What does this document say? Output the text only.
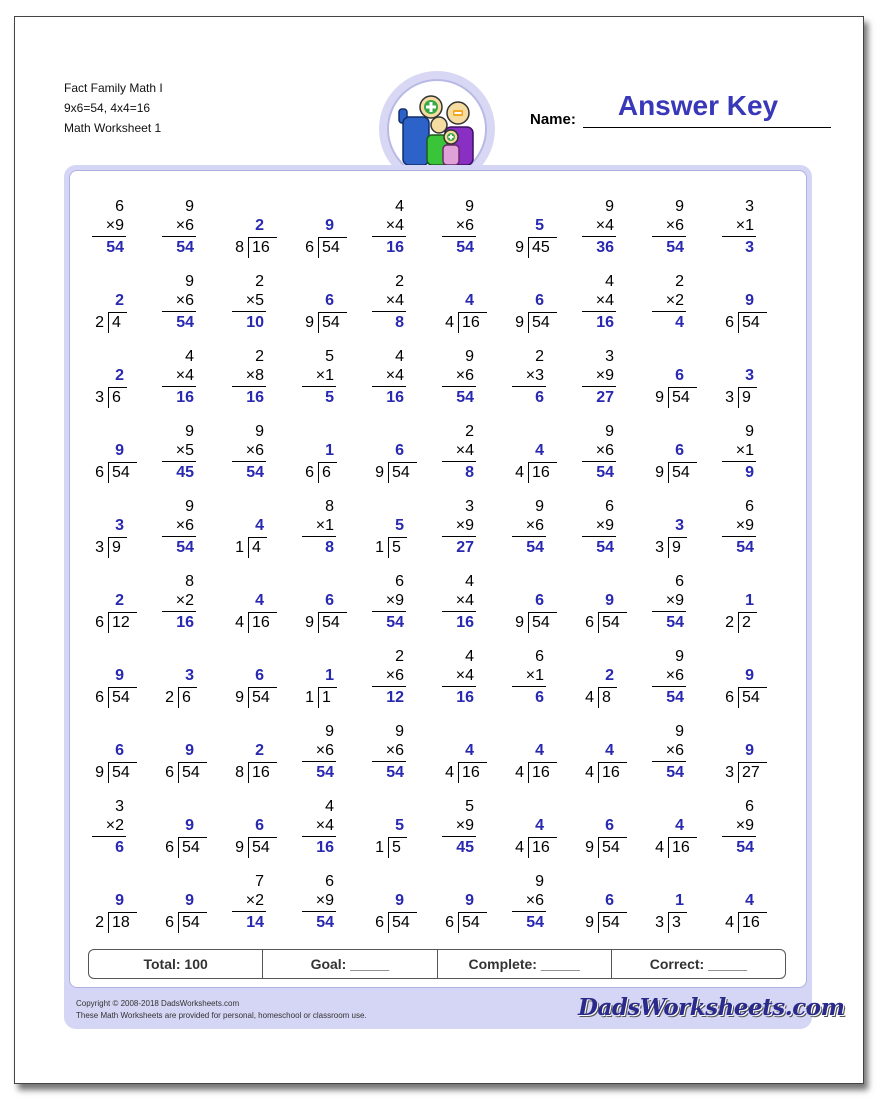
Fact Family Math I
9x6=54, 4x4=16
Math Worksheet 1
Answer Key
Name:
6
×9
54
9
×6
54
2
8 16
9
6 54
4
×4
16
9
×6
54
5
9 45
9
×4
36
9
×6
54
3
×1
3
2
2 4
9
×6
54
2
×5
10
6
9 54
2
×4
8
4
4 16
6
9 54
4
×4
16
2
×2
4
9
6 54
2
3 6
4
×4
16
2
×8
16
5
×1
5
4
×4
16
9
×6
54
2
×3
6
3
×9
27
6
9 54
3
3 9
9
6 54
9
×5
45
9
×6
54
1
6 6
6
9 54
2
×4
8
4
4 16
9
×6
54
6
9 54
9
×1
9
3
3 9
9
×6
54
4
1 4
8
×1
8
5
1 5
3
×9
27
9
×6
54
6
×9
54
3
3 9
6
×9
54
2
6 12
8
×2
16
4
4 16
6
9 54
6
×9
54
4
×4
16
6
9 54
9
6 54
6
×9
54
1
2 2
9
6 54
3
2 6
6
9 54
1
1 1
2
×6
12
4
×4
16
6
×1
6
2
4 8
9
×6
54
9
6 54
6
9 54
9
6 54
2
8 16
9
×6
54
9
×6
54
4
4 16
4
4 16
4
4 16
9
×6
54
9
3 27
3
×2
6
9
6 54
6
9 54
4
×4
16
5
1 5
5
×9
45
4
4 16
6
9 54
4
4 16
6
×9
54
9
2 18
9
6 54
7
×2
14
6
×9
54
9
6 54
9
6 54
9
×6
54
6
9 54
1
3 3
4
4 16
Total: 100	Goal: _____	Complete: _____	Correct: _____
Copyright © 2008-2018 DadsWorksheets.com
These Math Worksheets are provided for personal, homeschool or classroom use.	DadsWorksheets.com
